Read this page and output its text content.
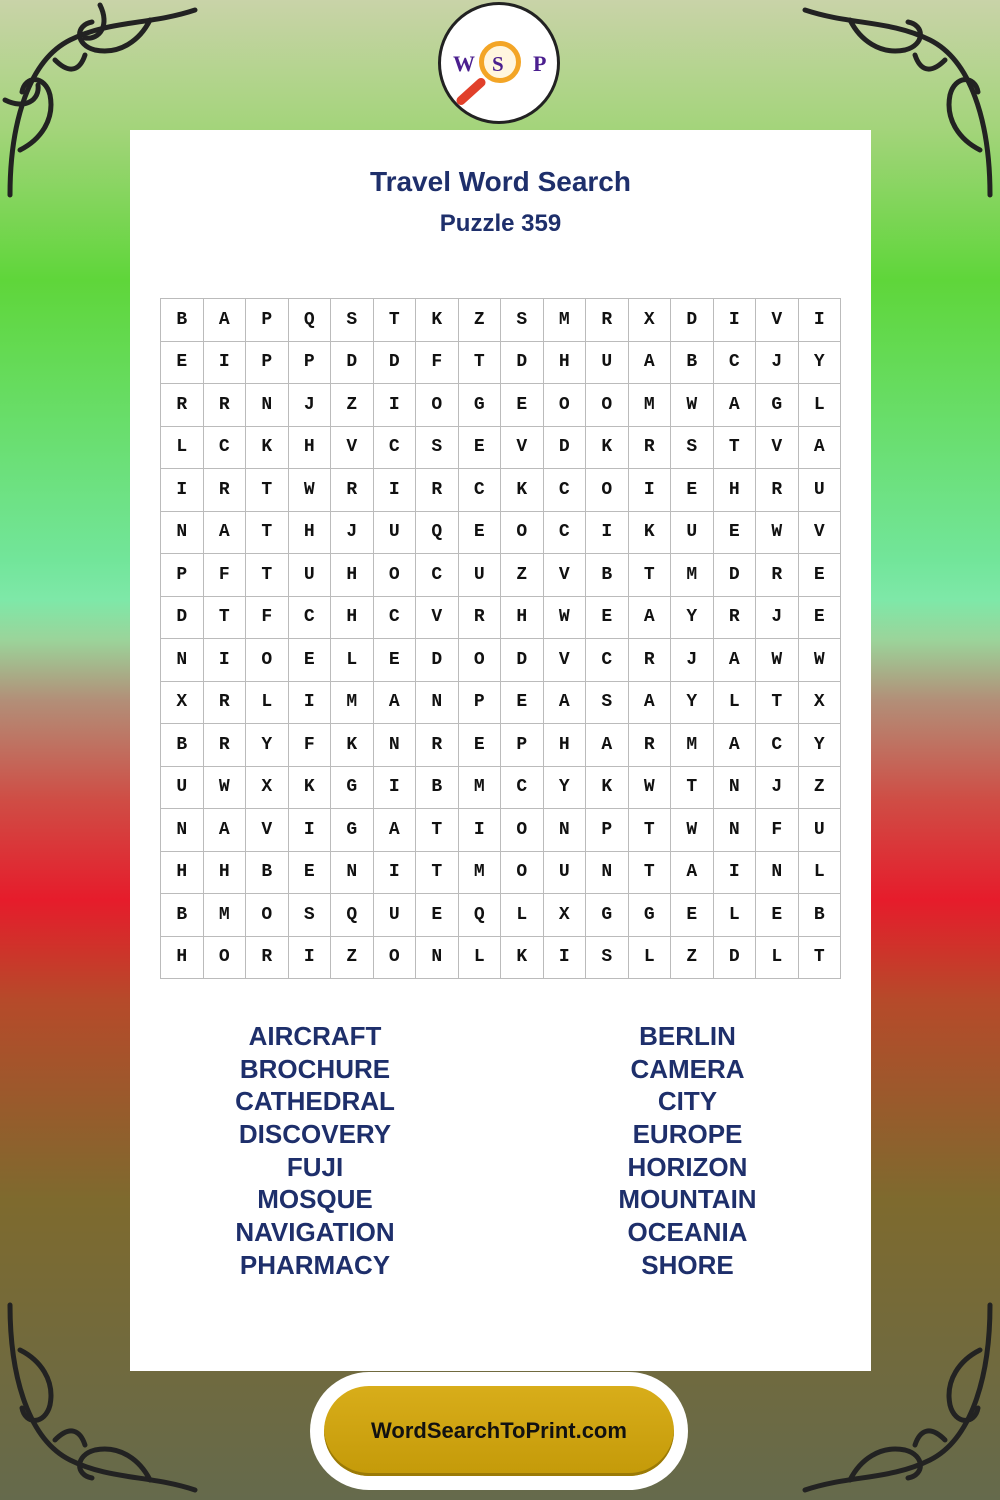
W S P
Travel Word Search
Puzzle 359
B	A	P	Q	S	T	K	Z	S	M	R	X	D	I	V	I
E	I	P	P	D	D	F	T	D	H	U	A	B	C	J	Y
R	R	N	J	Z	I	O	G	E	O	O	M	W	A	G	L
L	C	K	H	V	C	S	E	V	D	K	R	S	T	V	A
I	R	T	W	R	I	R	C	K	C	O	I	E	H	R	U
N	A	T	H	J	U	Q	E	O	C	I	K	U	E	W	V
P	F	T	U	H	O	C	U	Z	V	B	T	M	D	R	E
D	T	F	C	H	C	V	R	H	W	E	A	Y	R	J	E
N	I	O	E	L	E	D	O	D	V	C	R	J	A	W	W
X	R	L	I	M	A	N	P	E	A	S	A	Y	L	T	X
B	R	Y	F	K	N	R	E	P	H	A	R	M	A	C	Y
U	W	X	K	G	I	B	M	C	Y	K	W	T	N	J	Z
N	A	V	I	G	A	T	I	O	N	P	T	W	N	F	U
H	H	B	E	N	I	T	M	O	U	N	T	A	I	N	L
B	M	O	S	Q	U	E	Q	L	X	G	G	E	L	E	B
H	O	R	I	Z	O	N	L	K	I	S	L	Z	D	L	T
AIRCRAFT
BROCHURE
CATHEDRAL
DISCOVERY
FUJI
MOSQUE
NAVIGATION
PHARMACY
BERLIN
CAMERA
CITY
EUROPE
HORIZON
MOUNTAIN
OCEANIA
SHORE
WordSearchToPrint.com
